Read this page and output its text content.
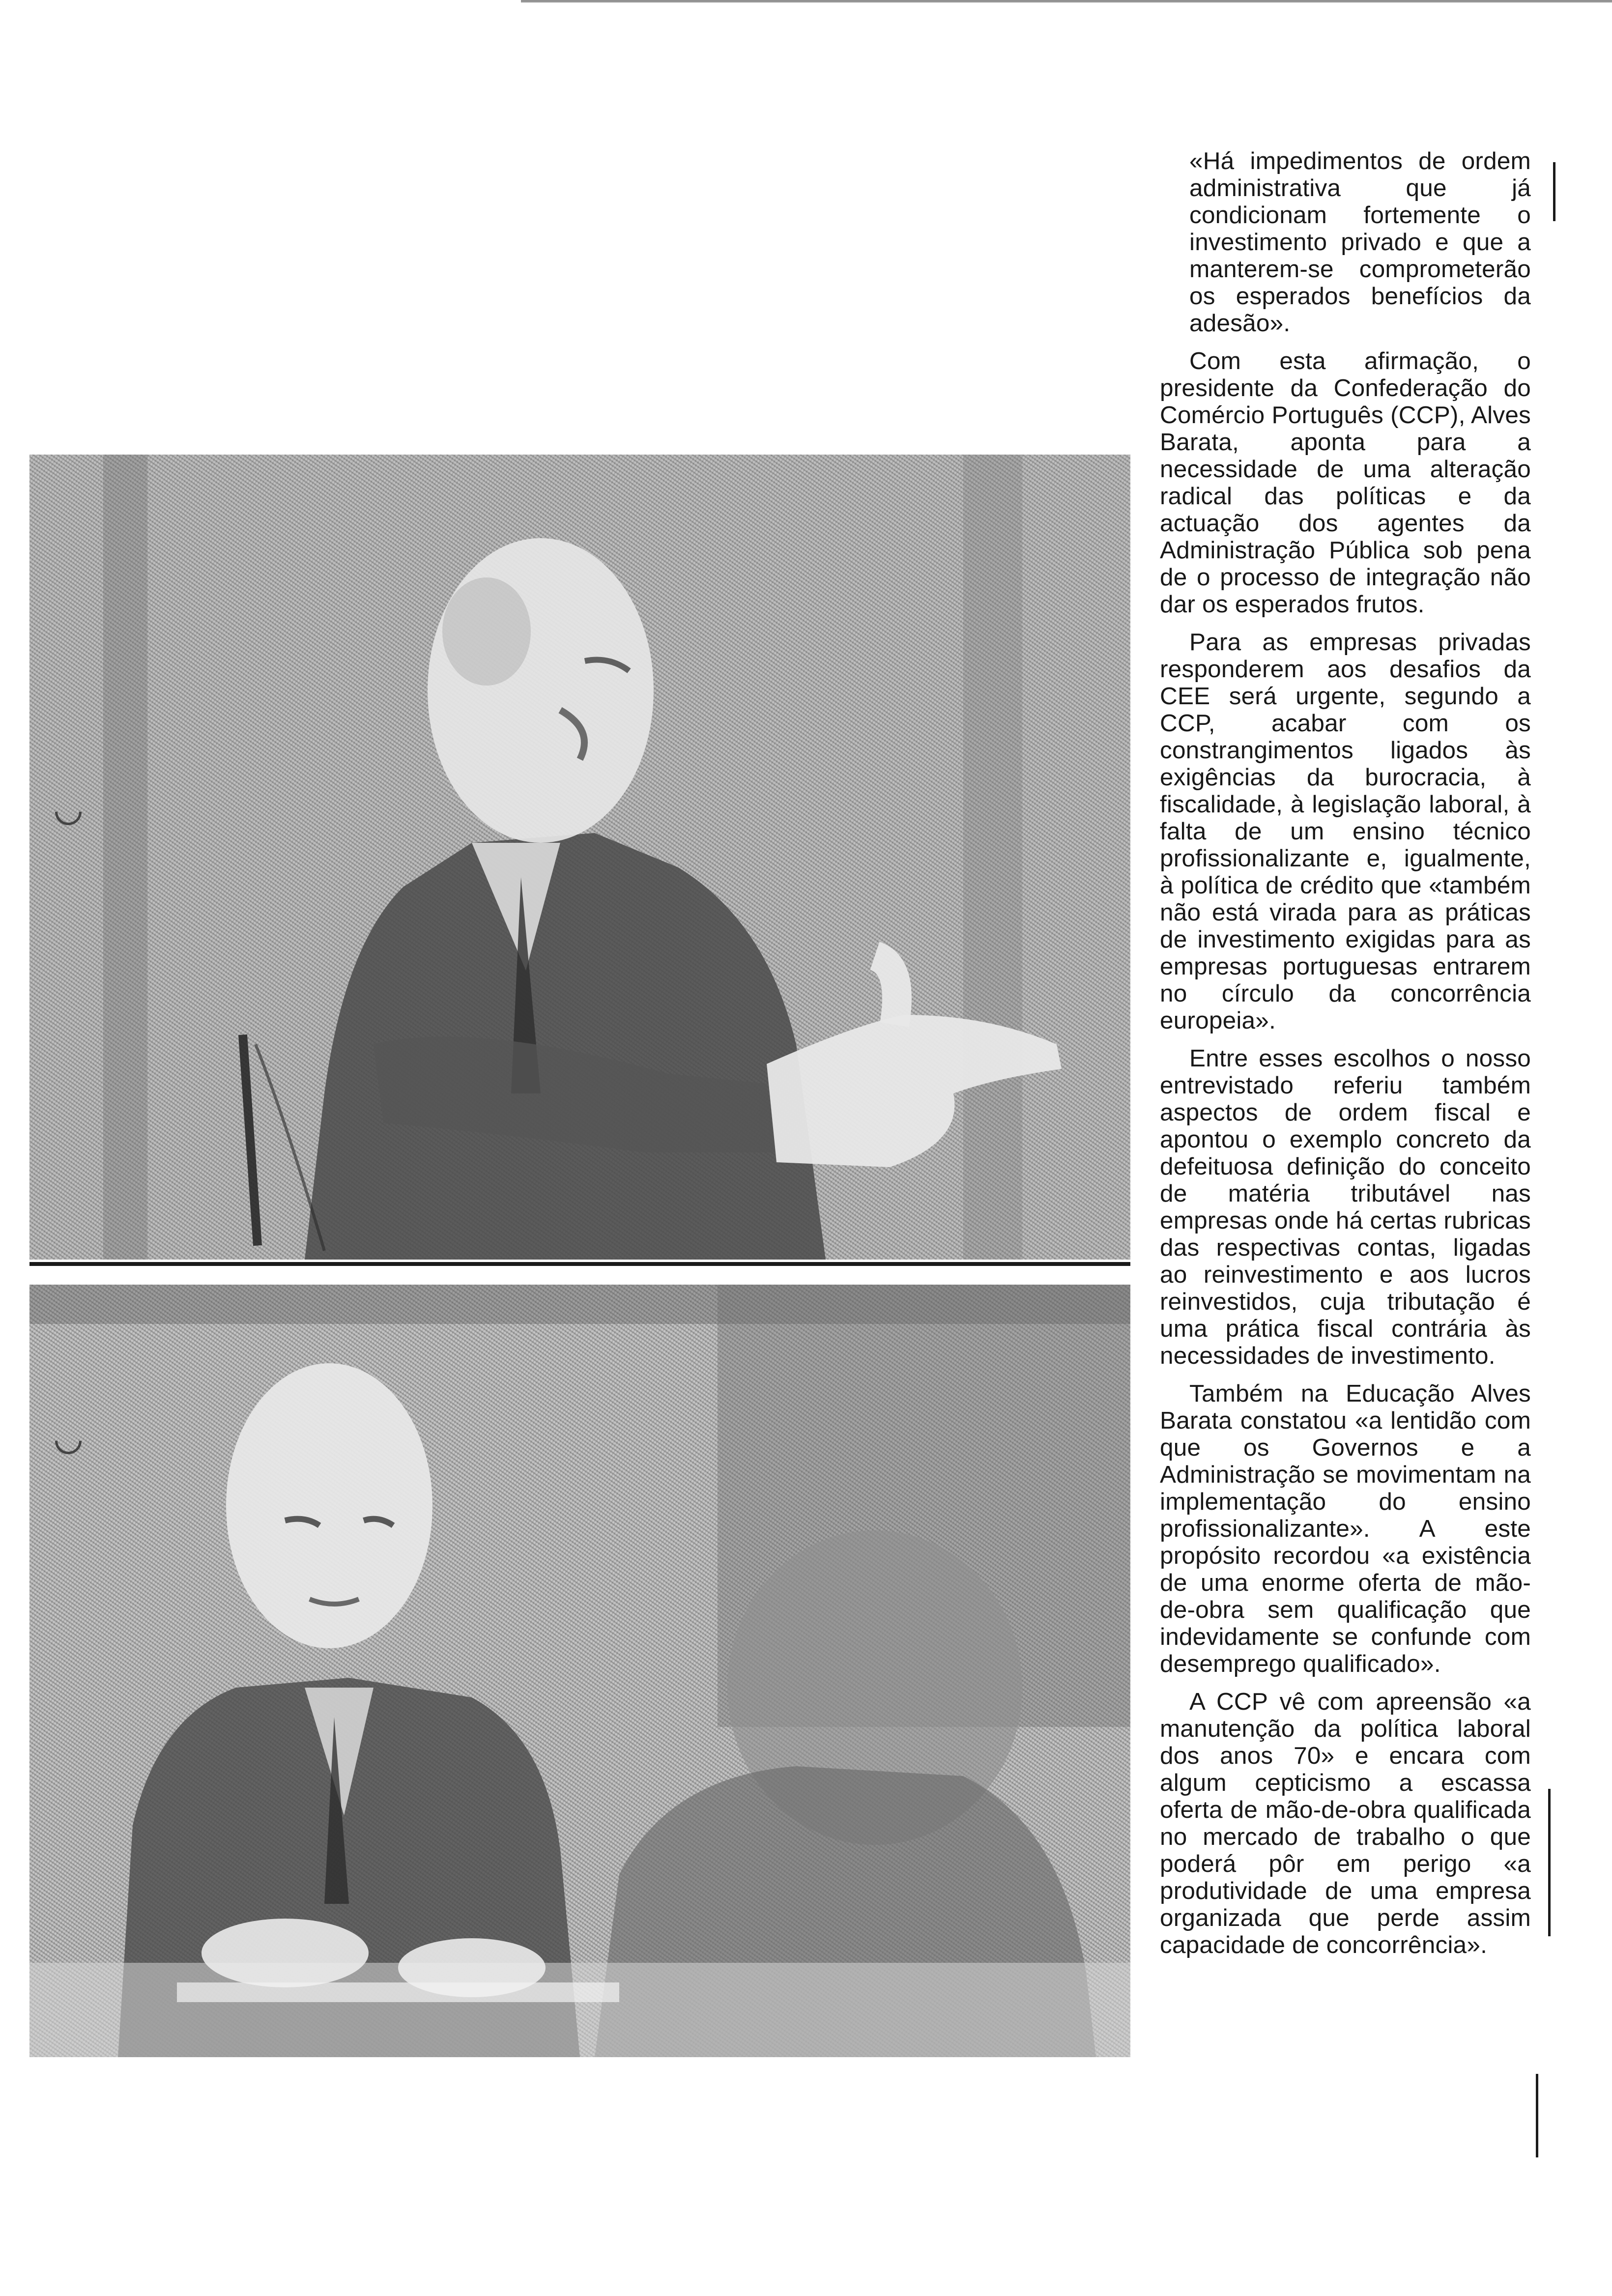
«Há impedimentos de ordem administrativa que já condicionam fortemente o investimento privado e que a manterem-se comprometerão os esperados benefícios da adesão».

Com esta afirmação, o presidente da Confederação do Comércio Português (CCP), Alves Barata, aponta para a necessidade de uma alteração radical das políticas e da actuação dos agentes da Administração Pública sob pena de o processo de integração não dar os esperados frutos.

Para as empresas privadas responderem aos desafios da CEE será urgente, segundo a CCP, acabar com os constrangimentos ligados às exigências da burocracia, à fiscalidade, à legislação laboral, à falta de um ensino técnico profissionalizante e, igualmente, à política de crédito que «também não está virada para as práticas de investimento exigidas para as empresas portuguesas entrarem no círculo da concorrência europeia».

Entre esses escolhos o nosso entrevistado referiu também aspectos de ordem fiscal e apontou o exemplo concreto da defeituosa definição do conceito de matéria tributável nas empresas onde há certas rubricas das respectivas contas, ligadas ao reinvestimento e aos lucros reinvestidos, cuja tributação é uma prática fiscal contrária às necessidades de investimento.

Também na Educação Alves Barata constatou «a lentidão com que os Governos e a Administração se movimentam na implementação do ensino profissionalizante». A este propósito recordou «a existência de uma enorme oferta de mão-de-obra sem qualificação que indevidamente se confunde com desemprego qualificado».

A CCP vê com apreensão «a manutenção da política laboral dos anos 70» e encara com algum cepticismo a escassa oferta de mão-de-obra qualificada no mercado de trabalho o que poderá pôr em perigo «a produtividade de uma empresa organizada que perde assim capacidade de concorrência».
